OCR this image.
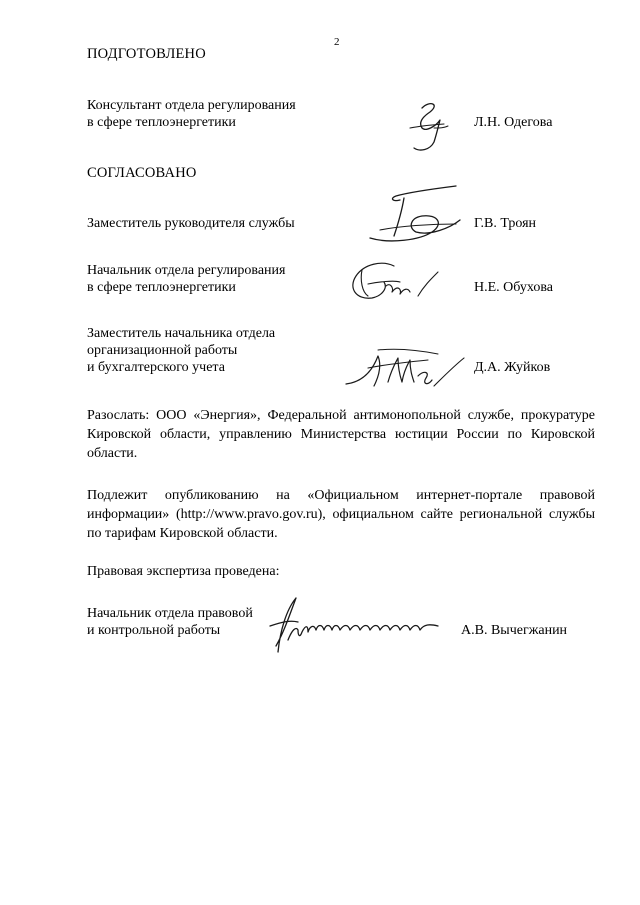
2
ПОДГОТОВЛЕНО
Консультант отдела регулирования
в сфере теплоэнергетики	Л.Н. Одегова
СОГЛАСОВАНО
Заместитель руководителя службы	Г.В. Троян
Начальник отдела регулирования
в сфере теплоэнергетики	Н.Е. Обухова
Заместитель начальника отдела
организационной работы
и бухгалтерского учета	Д.А. Жуйков
Разослать: ООО «Энергия», Федеральной антимонопольной службе, прокуратуре Кировской области, управлению Министерства юстиции России по Кировской области.
Подлежит опубликованию на «Официальном интернет-портале правовой информации» (http://www.pravo.gov.ru), официальном сайте региональной службы по тарифам Кировской области.
Правовая экспертиза проведена:
Начальник отдела правовой
и контрольной работы	А.В. Вычегжанин
